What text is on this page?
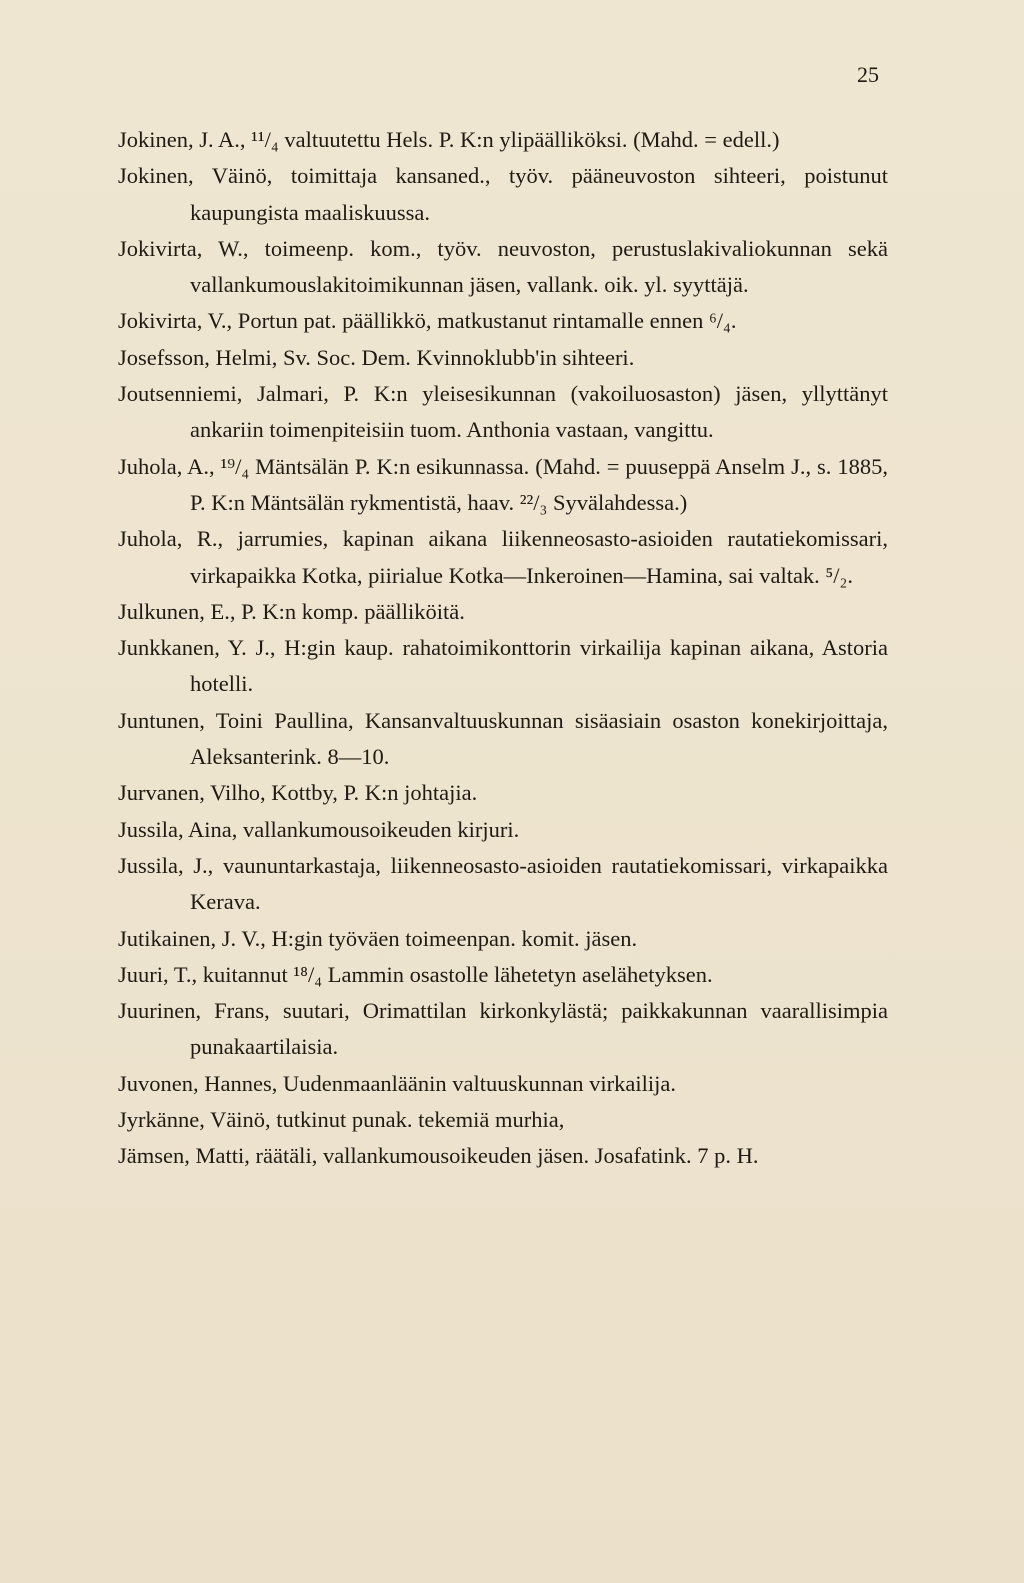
25
Jokinen, J. A., ¹¹/₄ valtuutettu Hels. P. K:n ylipäälliköksi. (Mahd. = edell.)
Jokinen, Väinö, toimittaja kansaned., työv. pääneuvoston sihteeri, poistunut kaupungista maaliskuussa.
Jokivirta, W., toimeenp. kom., työv. neuvoston, perustuslakivaliokunnan sekä vallankumouslakitoimikunnan jäsen, vallank. oik. yl. syyttäjä.
Jokivirta, V., Portun pat. päällikkö, matkustanut rintamalle ennen ⁶/₄.
Josefsson, Helmi, Sv. Soc. Dem. Kvinnoklubb'in sihteeri.
Joutsenniemi, Jalmari, P. K:n yleisesikunnan (vakoiluosaston) jäsen, yllyttänyt ankariin toimenpiteisiin tuom. Anthonia vastaan, vangittu.
Juhola, A., ¹⁹/₄ Mäntsälän P. K:n esikunnassa. (Mahd. = puuseppä Anselm J., s. 1885, P. K:n Mäntsälän rykmentistä, haav. ²²/₃ Syvälahdessa.)
Juhola, R., jarrumies, kapinan aikana liikenneosasto-asioiden rautatiekomissari, virkapaikka Kotka, piirialue Kotka—Inkeroinen—Hamina, sai valtak. ⁵/₂.
Julkunen, E., P. K:n komp. päälliköitä.
Junkkanen, Y. J., H:gin kaup. rahatoimikonttorin virkailija kapinan aikana, Astoria hotelli.
Juntunen, Toini Paullina, Kansanvaltuuskunnan sisäasiain osaston konekirjoittaja, Aleksanterink. 8—10.
Jurvanen, Vilho, Kottby, P. K:n johtajia.
Jussila, Aina, vallankumousoikeuden kirjuri.
Jussila, J., vaununtarkastaja, liikenneosasto-asioiden rautatiekomissari, virkapaikka Kerava.
Jutikainen, J. V., H:gin työväen toimeenpan. komit. jäsen.
Juuri, T., kuitannut ¹⁸/₄ Lammin osastolle lähetetyn aselähetyksen.
Juurinen, Frans, suutari, Orimattilan kirkonkylästä; paikkakunnan vaarallisimpia punakaartilaisia.
Juvonen, Hannes, Uudenmaanläänin valtuuskunnan virkailija.
Jyrkänne, Väinö, tutkinut punak. tekemiä murhia,
Jämsen, Matti, räätäli, vallankumousoikeuden jäsen. Josafatink. 7 p. H.
